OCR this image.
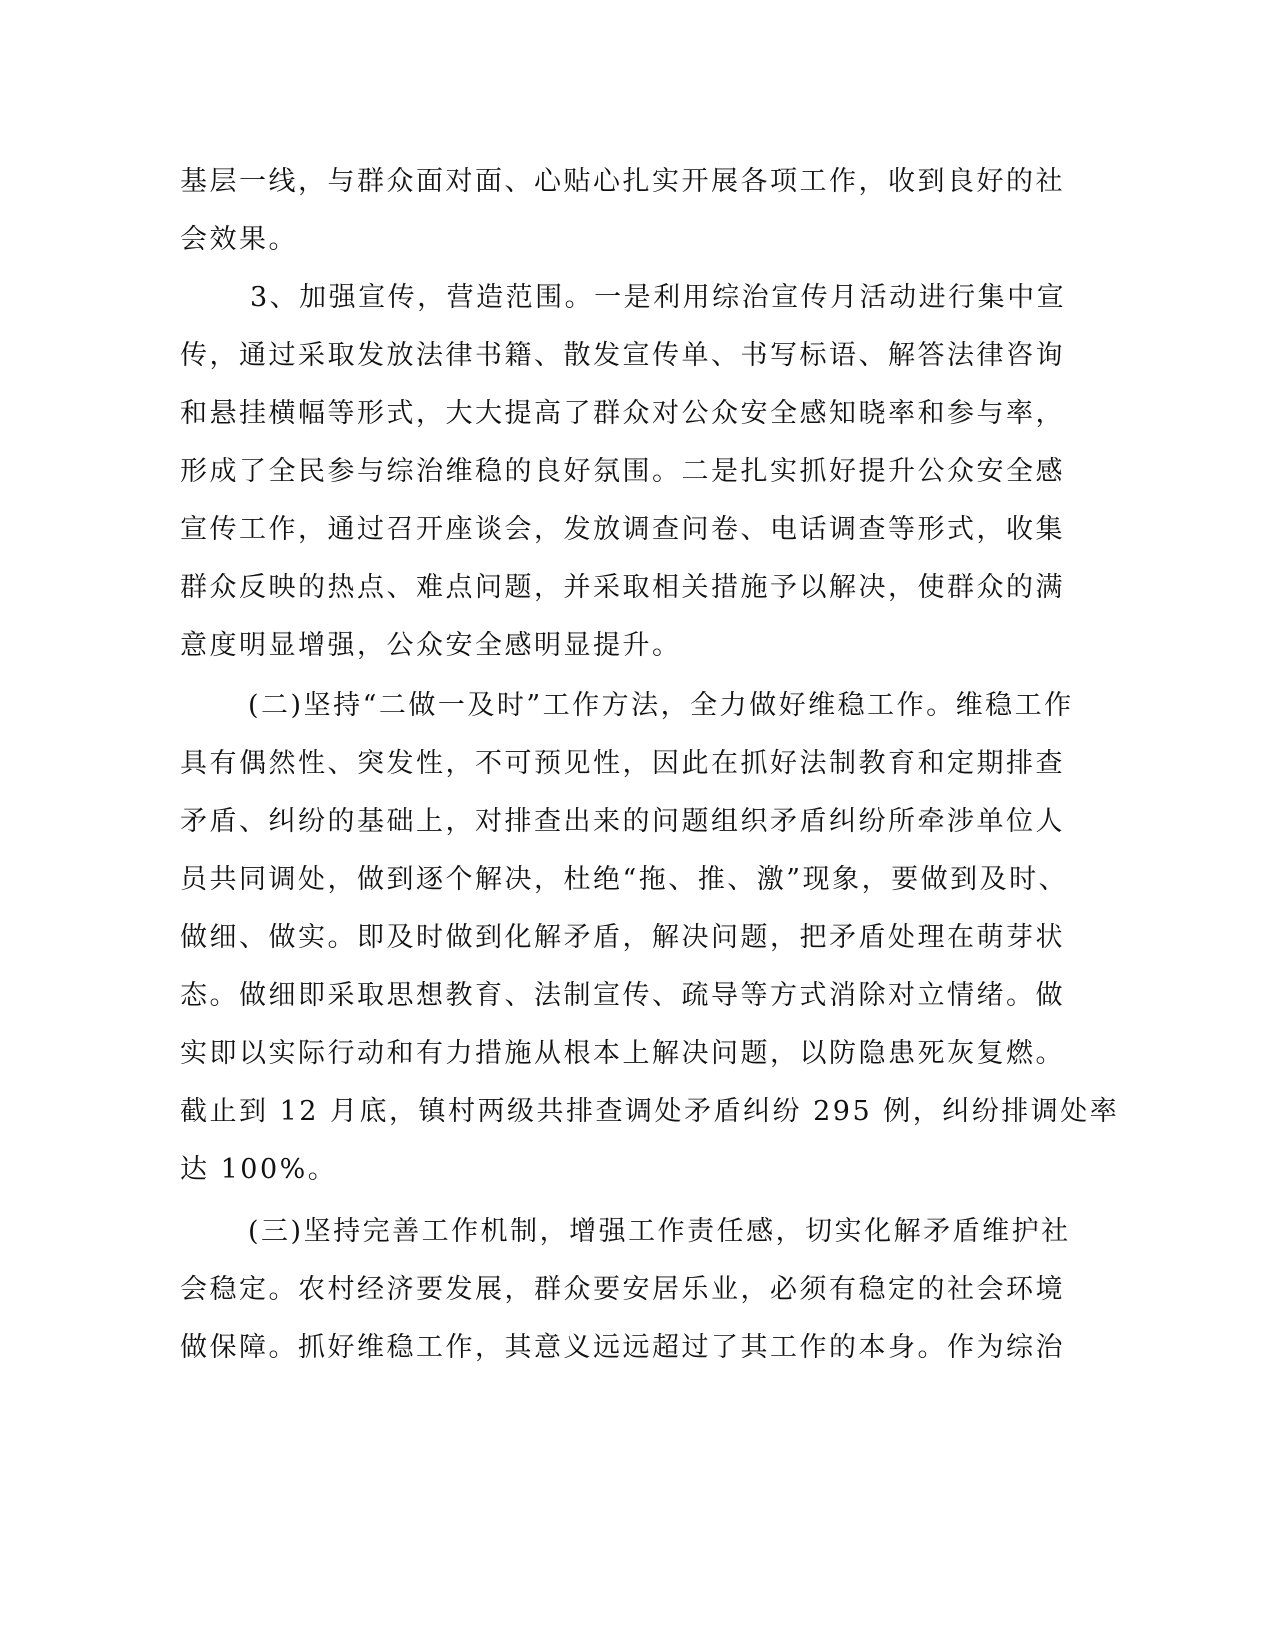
基层一线，与群众面对面、心贴心扎实开展各项工作，收到良好的社
会效果。
3、加强宣传，营造范围。一是利用综治宣传月活动进行集中宣
传，通过采取发放法律书籍、散发宣传单、书写标语、解答法律咨询
和悬挂横幅等形式，大大提高了群众对公众安全感知晓率和参与率，
形成了全民参与综治维稳的良好氛围。二是扎实抓好提升公众安全感
宣传工作，通过召开座谈会，发放调查问卷、电话调查等形式，收集
群众反映的热点、难点问题，并采取相关措施予以解决，使群众的满
意度明显增强，公众安全感明显提升。
(二)坚持“二做一及时”工作方法，全力做好维稳工作。维稳工作
具有偶然性、突发性，不可预见性，因此在抓好法制教育和定期排查
矛盾、纠纷的基础上，对排查出来的问题组织矛盾纠纷所牵涉单位人
员共同调处，做到逐个解决，杜绝“拖、推、激”现象，要做到及时、
做细、做实。即及时做到化解矛盾，解决问题，把矛盾处理在萌芽状
态。做细即采取思想教育、法制宣传、疏导等方式消除对立情绪。做
实即以实际行动和有力措施从根本上解决问题，以防隐患死灰复燃。
截止到 12 月底，镇村两级共排查调处矛盾纠纷 295 例，纠纷排调处率
达 100%。
(三)坚持完善工作机制，增强工作责任感，切实化解矛盾维护社
会稳定。农村经济要发展，群众要安居乐业，必须有稳定的社会环境
做保障。抓好维稳工作，其意义远远超过了其工作的本身。作为综治
